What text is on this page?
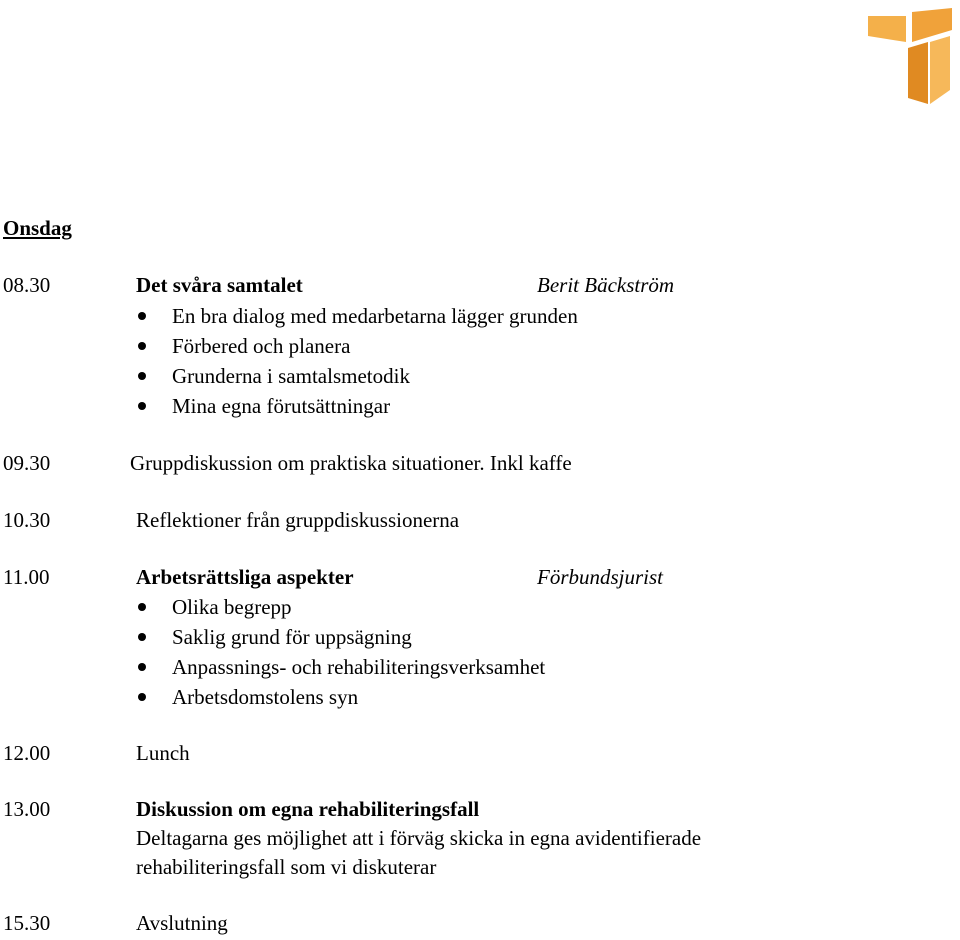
Onsdag
08.30	Det svåra samtalet	Berit Bäckström
En bra dialog med medarbetarna lägger grunden
Förbered och planera
Grunderna i samtalsmetodik
Mina egna förutsättningar
09.30	Gruppdiskussion om praktiska situationer. Inkl kaffe
10.30	Reflektioner från gruppdiskussionerna
11.00	Arbetsrättsliga aspekter	Förbundsjurist
Olika begrepp
Saklig grund för uppsägning
Anpassnings- och rehabiliteringsverksamhet
Arbetsdomstolens syn
12.00	Lunch
13.00	Diskussion om egna rehabiliteringsfall
Deltagarna ges möjlighet att i förväg skicka in egna avidentifierade
rehabiliteringsfall som vi diskuterar
15.30	Avslutning
